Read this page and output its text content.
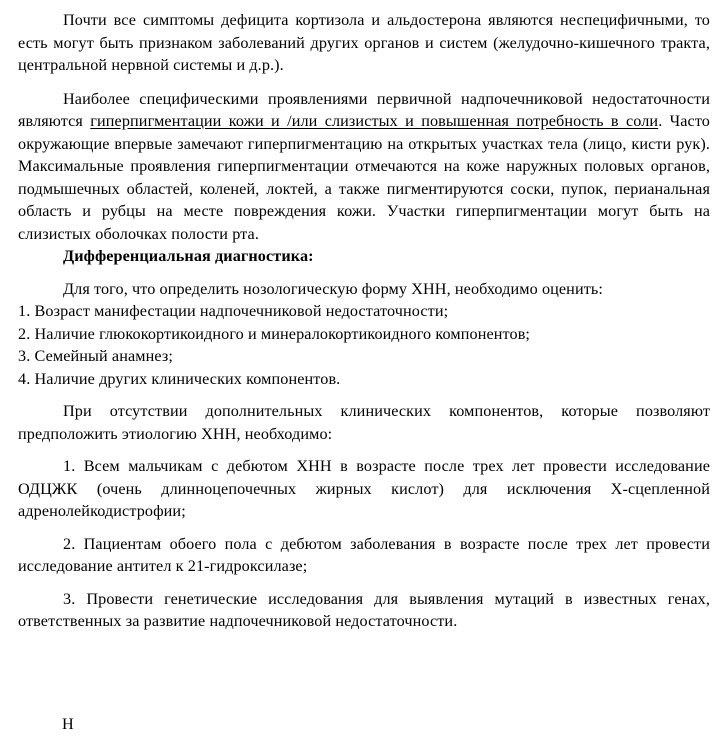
Почти все симптомы дефицита кортизола и альдостерона являются неспецифичными, то есть могут быть признаком заболеваний других органов и систем (желудочно-кишечного тракта, центральной нервной системы и д.р.).

Наиболее специфическими проявлениями первичной надпочечниковой недостаточности являются гиперпигментации кожи и /или слизистых и повышенная потребность в соли. Часто окружающие впервые замечают гиперпигментацию на открытых участках тела (лицо, кисти рук). Максимальные проявления гиперпигментации отмечаются на коже наружных половых органов, подмышечных областей, коленей, локтей, а также пигментируются соски, пупок, перианальная область и рубцы на месте повреждения кожи. Участки гиперпигментации могут быть на слизистых оболочках полости рта.

Дифференциальная диагностика:

Для того, что определить нозологическую форму ХНН, необходимо оценить:

1. Возраст манифестации надпочечниковой недостаточности;

2. Наличие глюкокортикоидного и минералокортикоидного компонентов;

3. Семейный анамнез;

4. Наличие других клинических компонентов.

При отсутствии дополнительных клинических компонентов, которые позволяют предположить этиологию ХНН, необходимо:

1. Всем мальчикам с дебютом ХНН в возрасте после трех лет провести исследование ОДЦЖК (очень длинноцепочечных жирных кислот) для исключения Х-сцепленной адренолейкодистрофии;

2. Пациентам обоего пола с дебютом заболевания в возрасте после трех лет провести исследование антител к 21-гидроксилазе;

3. Провести генетические исследования для выявления мутаций в известных генах, ответственных за развитие надпочечниковой недостаточности.

Н
